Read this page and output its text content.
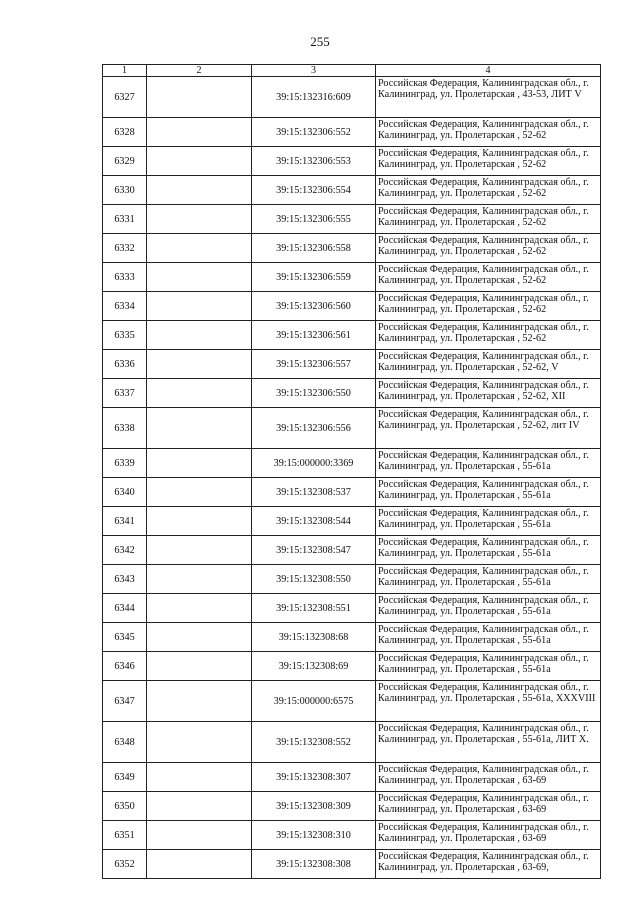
255
1	2	3	4
6327		39:15:132316:609	Российская Федерация, Калининградская обл., г. Калининград, ул. Пролетарская , 43-53, ЛИТ V
6328		39:15:132306:552	Российская Федерация, Калининградская обл., г. Калининград, ул. Пролетарская , 52-62
6329		39:15:132306:553	Российская Федерация, Калининградская обл., г. Калининград, ул. Пролетарская , 52-62
6330		39:15:132306:554	Российская Федерация, Калининградская обл., г. Калининград, ул. Пролетарская , 52-62
6331		39:15:132306:555	Российская Федерация, Калининградская обл., г. Калининград, ул. Пролетарская , 52-62
6332		39:15:132306:558	Российская Федерация, Калининградская обл., г. Калининград, ул. Пролетарская , 52-62
6333		39:15:132306:559	Российская Федерация, Калининградская обл., г. Калининград, ул. Пролетарская , 52-62
6334		39:15:132306:560	Российская Федерация, Калининградская обл., г. Калининград, ул. Пролетарская , 52-62
6335		39:15:132306:561	Российская Федерация, Калининградская обл., г. Калининград, ул. Пролетарская , 52-62
6336		39:15:132306:557	Российская Федерация, Калининградская обл., г. Калининград, ул. Пролетарская , 52-62, V
6337		39:15:132306:550	Российская Федерация, Калининградская обл., г. Калининград, ул. Пролетарская , 52-62, XII
6338		39:15:132306:556	Российская Федерация, Калининградская обл., г. Калининград, ул. Пролетарская , 52-62, лит IV
6339		39:15:000000:3369	Российская Федерация, Калининградская обл., г. Калининград, ул. Пролетарская , 55-61а
6340		39:15:132308:537	Российская Федерация, Калининградская обл., г. Калининград, ул. Пролетарская , 55-61а
6341		39:15:132308:544	Российская Федерация, Калининградская обл., г. Калининград, ул. Пролетарская , 55-61а
6342		39:15:132308:547	Российская Федерация, Калининградская обл., г. Калининград, ул. Пролетарская , 55-61а
6343		39:15:132308:550	Российская Федерация, Калининградская обл., г. Калининград, ул. Пролетарская , 55-61а
6344		39:15:132308:551	Российская Федерация, Калининградская обл., г. Калининград, ул. Пролетарская , 55-61а
6345		39:15:132308:68	Российская Федерация, Калининградская обл., г. Калининград, ул. Пролетарская , 55-61а
6346		39:15:132308:69	Российская Федерация, Калининградская обл., г. Калининград, ул. Пролетарская , 55-61а
6347		39:15:000000:6575	Российская Федерация, Калининградская обл., г. Калининград, ул. Пролетарская , 55-61а, XXXVIII
6348		39:15:132308:552	Российская Федерация, Калининградская обл., г. Калининград, ул. Пролетарская , 55-61а, ЛИТ Х.
6349		39:15:132308:307	Российская Федерация, Калининградская обл., г. Калининград, ул. Пролетарская , 63-69
6350		39:15:132308:309	Российская Федерация, Калининградская обл., г. Калининград, ул. Пролетарская , 63-69
6351		39:15:132308:310	Российская Федерация, Калининградская обл., г. Калининград, ул. Пролетарская , 63-69
6352		39:15:132308:308	Российская Федерация, Калининградская обл., г. Калининград, ул. Пролетарская , 63-69,
